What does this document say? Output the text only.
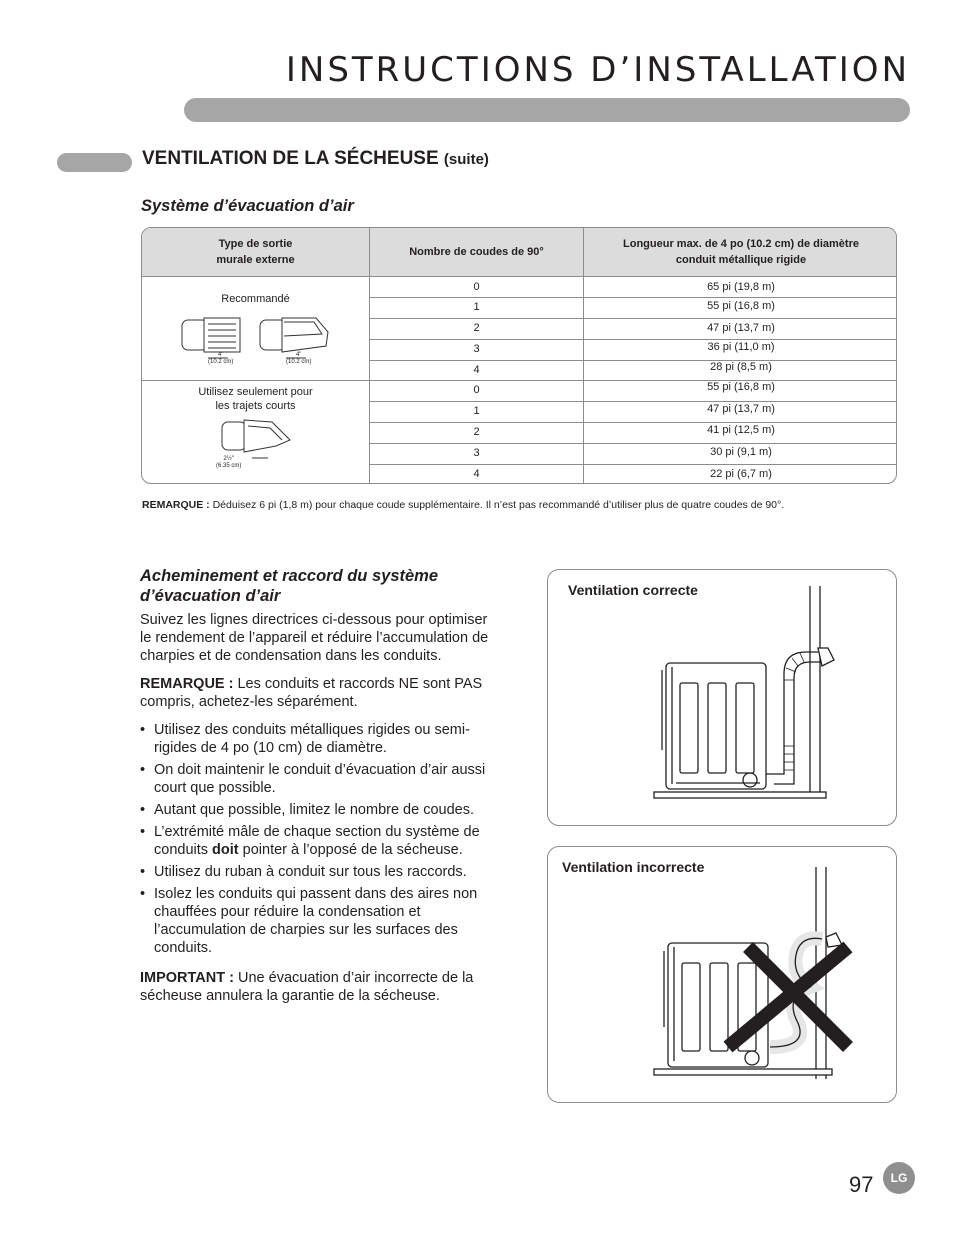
INSTRUCTIONS D’INSTALLATION
VENTILATION DE LA SÉCHEUSE (suite)
Système d’évacuation d’air
Type de sortie
murale externe
Nombre de coudes de 90°
Longueur max. de 4 po (10.2 cm) de diamètre
conduit métallique rigide
Recommandé
4"
(10.2 cm)
4"
(10.2 cm)
Utilisez seulement pour
les trajets courts
2½"
(6.35 cm)
0	65 pi (19,8 m)
1	55 pi (16,8 m)
2	47 pi (13,7 m)
3	36 pi (11,0 m)
4	28 pi (8,5 m)
0	55 pi (16,8 m)
1	47 pi (13,7 m)
2	41 pi (12,5 m)
3	30 pi (9,1 m)
4	22 pi (6,7 m)
REMARQUE : Déduisez 6 pi (1,8 m) pour chaque coude supplémentaire. Il n’est pas recommandé d’utiliser plus de quatre coudes de 90°.
Acheminement et raccord du système
d’évacuation d’air

Suivez les lignes directrices ci-dessous pour optimiser le rendement de l’appareil et réduire l’accumulation de charpies et de condensation dans les conduits.

REMARQUE : Les conduits et raccords NE sont PAS compris, achetez-les séparément.

• Utilisez des conduits métalliques rigides ou semi-rigides de 4 po (10 cm) de diamètre.
• On doit maintenir le conduit d’évacuation d’air aussi court que possible.
• Autant que possible, limitez le nombre de coudes.
• L’extrémité mâle de chaque section du système de conduits doit pointer à l’opposé de la sécheuse.
• Utilisez du ruban à conduit sur tous les raccords.
• Isolez les conduits qui passent dans des aires non chauffées pour réduire la condensation et l’accumulation de charpies sur les surfaces des conduits.

IMPORTANT : Une évacuation d’air incorrecte de la sécheuse annulera la garantie de la sécheuse.

Ventilation correcte
Ventilation incorrecte
97	LG
